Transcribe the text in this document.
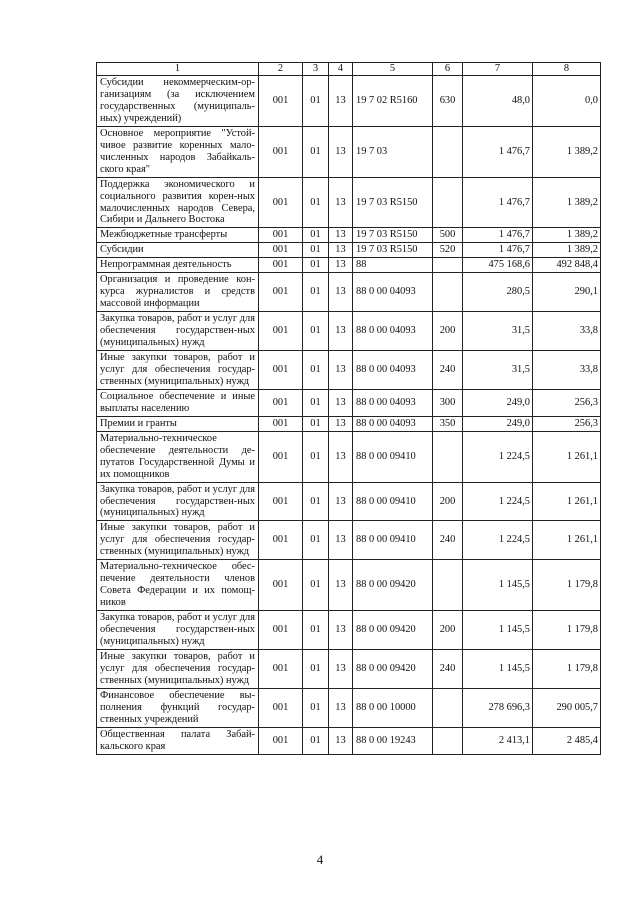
1	2	3	4	5	6	7	8
Субсидии некоммерческим-ор-ганизациям (за исключением государственных (муниципаль-ных) учреждений)	001	01	13	19 7 02 R5160	630	48,0	0,0
Основное мероприятие "Устой-чивое развитие коренных мало-численных народов Забайкаль-ского края"	001	01	13	19 7 03		1 476,7	1 389,2
Поддержка экономического и социального развития корен-ных малочисленных народов Севера, Сибири и Дальнего Востока	001	01	13	19 7 03 R5150		1 476,7	1 389,2
Межбюджетные трансферты	001	01	13	19 7 03 R5150	500	1 476,7	1 389,2
Субсидии	001	01	13	19 7 03 R5150	520	1 476,7	1 389,2
Непрограммная деятельность	001	01	13	88		475 168,6	492 848,4
Организация и проведение кон-курса журналистов и средств массовой информации	001	01	13	88 0 00 04093		280,5	290,1
Закупка товаров, работ и услуг для обеспечения государствен-ных (муниципальных) нужд	001	01	13	88 0 00 04093	200	31,5	33,8
Иные закупки товаров, работ и услуг для обеспечения государ-ственных (муниципальных) нужд	001	01	13	88 0 00 04093	240	31,5	33,8
Социальное обеспечение и иные выплаты населению	001	01	13	88 0 00 04093	300	249,0	256,3
Премии и гранты	001	01	13	88 0 00 04093	350	249,0	256,3
Материально-техническое обеспечение деятельности де-путатов Государственной Думы и их помощников	001	01	13	88 0 00 09410		1 224,5	1 261,1
Закупка товаров, работ и услуг для обеспечения государствен-ных (муниципальных) нужд	001	01	13	88 0 00 09410	200	1 224,5	1 261,1
Иные закупки товаров, работ и услуг для обеспечения государ-ственных (муниципальных) нужд	001	01	13	88 0 00 09410	240	1 224,5	1 261,1
Материально-техническое обес-печение деятельности членов Совета Федерации и их помощ-ников	001	01	13	88 0 00 09420		1 145,5	1 179,8
Закупка товаров, работ и услуг для обеспечения государствен-ных (муниципальных) нужд	001	01	13	88 0 00 09420	200	1 145,5	1 179,8
Иные закупки товаров, работ и услуг для обеспечения государ-ственных (муниципальных) нужд	001	01	13	88 0 00 09420	240	1 145,5	1 179,8
Финансовое обеспечение вы-полнения функций государ-ственных учреждений	001	01	13	88 0 00 10000		278 696,3	290 005,7
Общественная палата Забай-кальского края	001	01	13	88 0 00 19243		2 413,1	2 485,4
4
